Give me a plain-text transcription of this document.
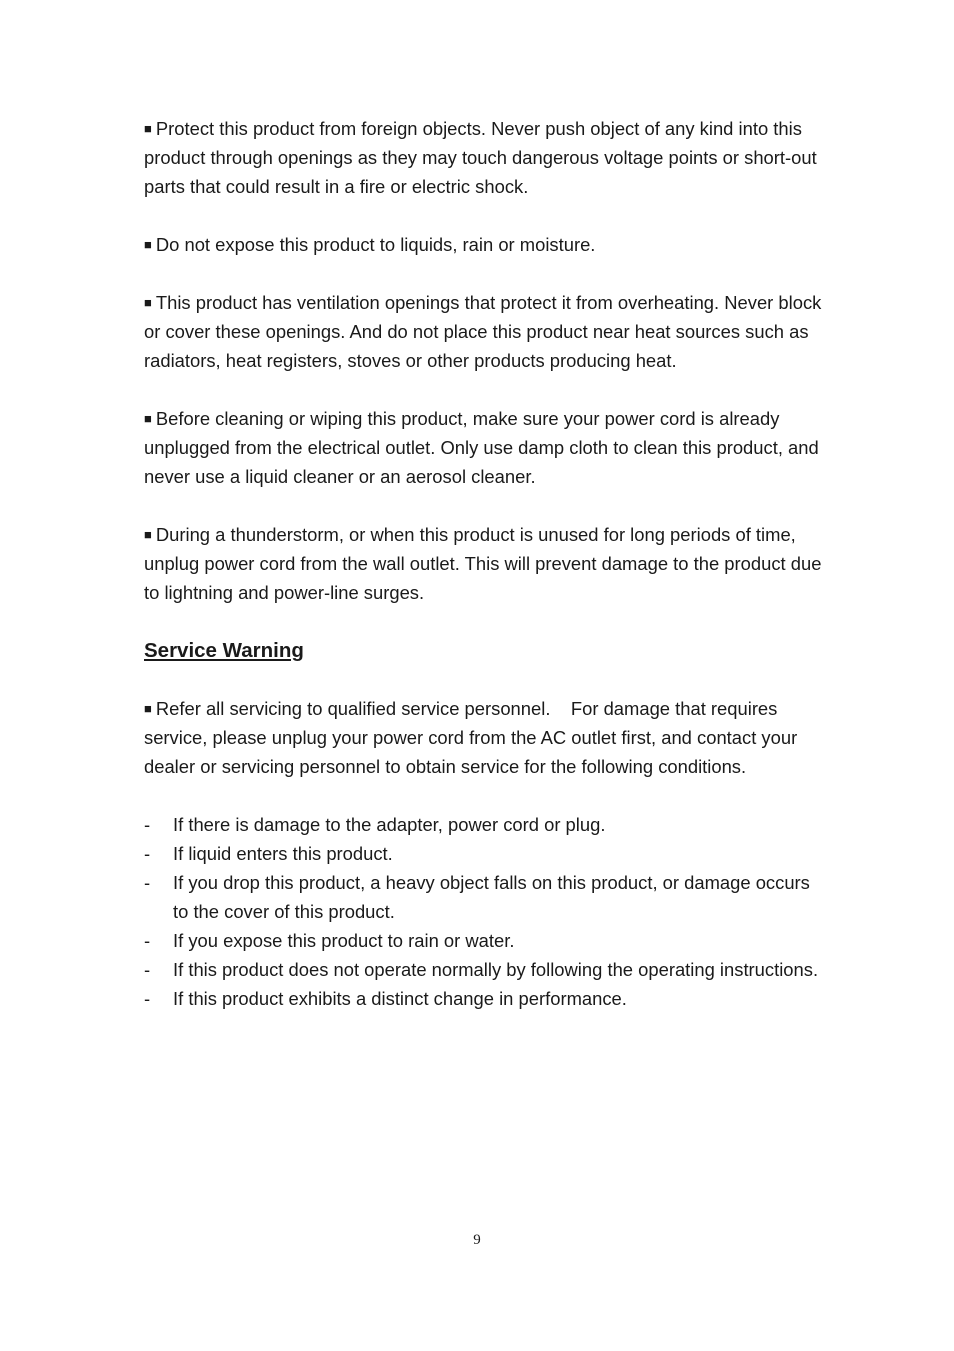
■ Protect this product from foreign objects. Never push object of any kind into this product through openings as they may touch dangerous voltage points or short-out parts that could result in a fire or electric shock.

■ Do not expose this product to liquids, rain or moisture.

■ This product has ventilation openings that protect it from overheating. Never block or cover these openings. And do not place this product near heat sources such as radiators, heat registers, stoves or other products producing heat.

■ Before cleaning or wiping this product, make sure your power cord is already unplugged from the electrical outlet. Only use damp cloth to clean this product, and never use a liquid cleaner or an aerosol cleaner.

■ During a thunderstorm, or when this product is unused for long periods of time, unplug power cord from the wall outlet. This will prevent damage to the product due to lightning and power-line surges.

Service Warning

■ Refer all servicing to qualified service personnel.    For damage that requires service, please unplug your power cord from the AC outlet first, and contact your dealer or servicing personnel to obtain service for the following conditions.

- If there is damage to the adapter, power cord or plug.
- If liquid enters this product.
- If you drop this product, a heavy object falls on this product, or damage occurs to the cover of this product.
- If you expose this product to rain or water.
- If this product does not operate normally by following the operating instructions.
- If this product exhibits a distinct change in performance.
9
